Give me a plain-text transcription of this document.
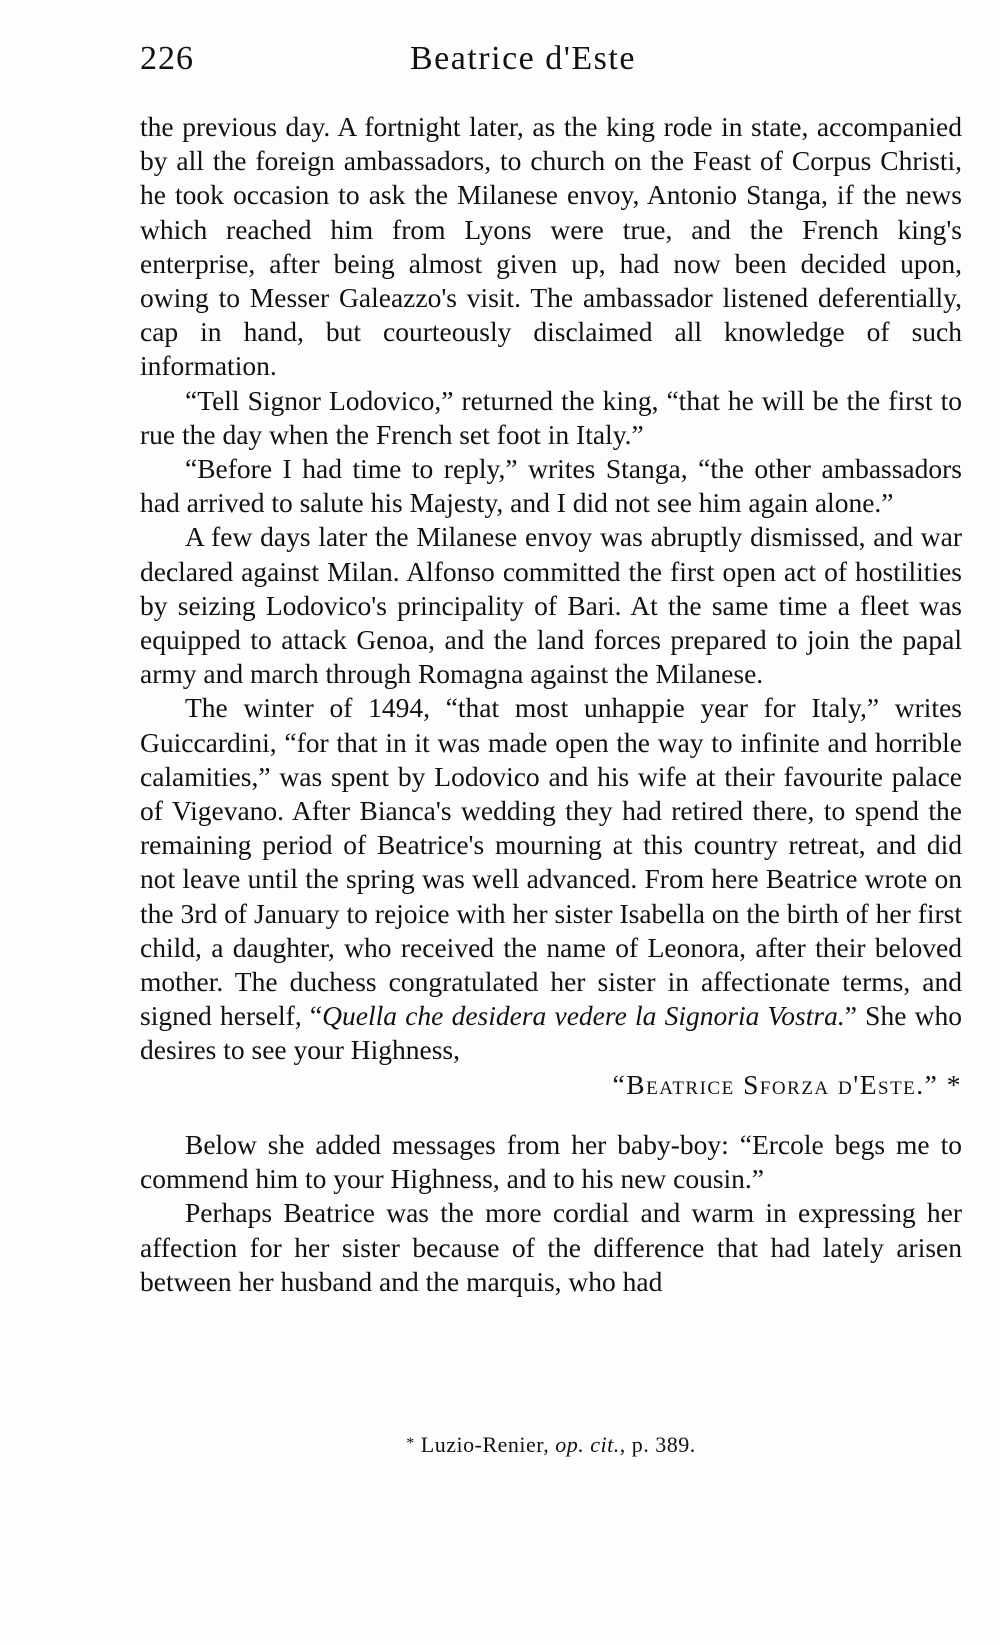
226	Beatrice d'Este

the previous day. A fortnight later, as the king rode in state, accompanied by all the foreign ambassadors, to church on the Feast of Corpus Christi, he took occasion to ask the Milanese envoy, Antonio Stanga, if the news which reached him from Lyons were true, and the French king's enterprise, after being almost given up, had now been decided upon, owing to Messer Galeazzo's visit. The ambassador listened deferentially, cap in hand, but courteously disclaimed all knowledge of such information.

“Tell Signor Lodovico,” returned the king, “that he will be the first to rue the day when the French set foot in Italy.”

“Before I had time to reply,” writes Stanga, “the other ambassadors had arrived to salute his Majesty, and I did not see him again alone.”

A few days later the Milanese envoy was abruptly dismissed, and war declared against Milan. Alfonso committed the first open act of hostilities by seizing Lodovico's principality of Bari. At the same time a fleet was equipped to attack Genoa, and the land forces prepared to join the papal army and march through Romagna against the Milanese.

The winter of 1494, “that most unhappie year for Italy,” writes Guiccardini, “for that in it was made open the way to infinite and horrible calamities,” was spent by Lodovico and his wife at their favourite palace of Vigevano. After Bianca's wedding they had retired there, to spend the remaining period of Beatrice's mourning at this country retreat, and did not leave until the spring was well advanced. From here Beatrice wrote on the 3rd of January to rejoice with her sister Isabella on the birth of her first child, a daughter, who received the name of Leonora, after their beloved mother. The duchess congratulated her sister in affectionate terms, and signed herself, “Quella che desidera vedere la Signoria Vostra.” She who desires to see your Highness,

“Beatrice Sforza d'Este.” *

Below she added messages from her baby-boy: “Ercole begs me to commend him to your Highness, and to his new cousin.”

Perhaps Beatrice was the more cordial and warm in expressing her affection for her sister because of the difference that had lately arisen between her husband and the marquis, who had

* Luzio-Renier, op. cit., p. 389.
